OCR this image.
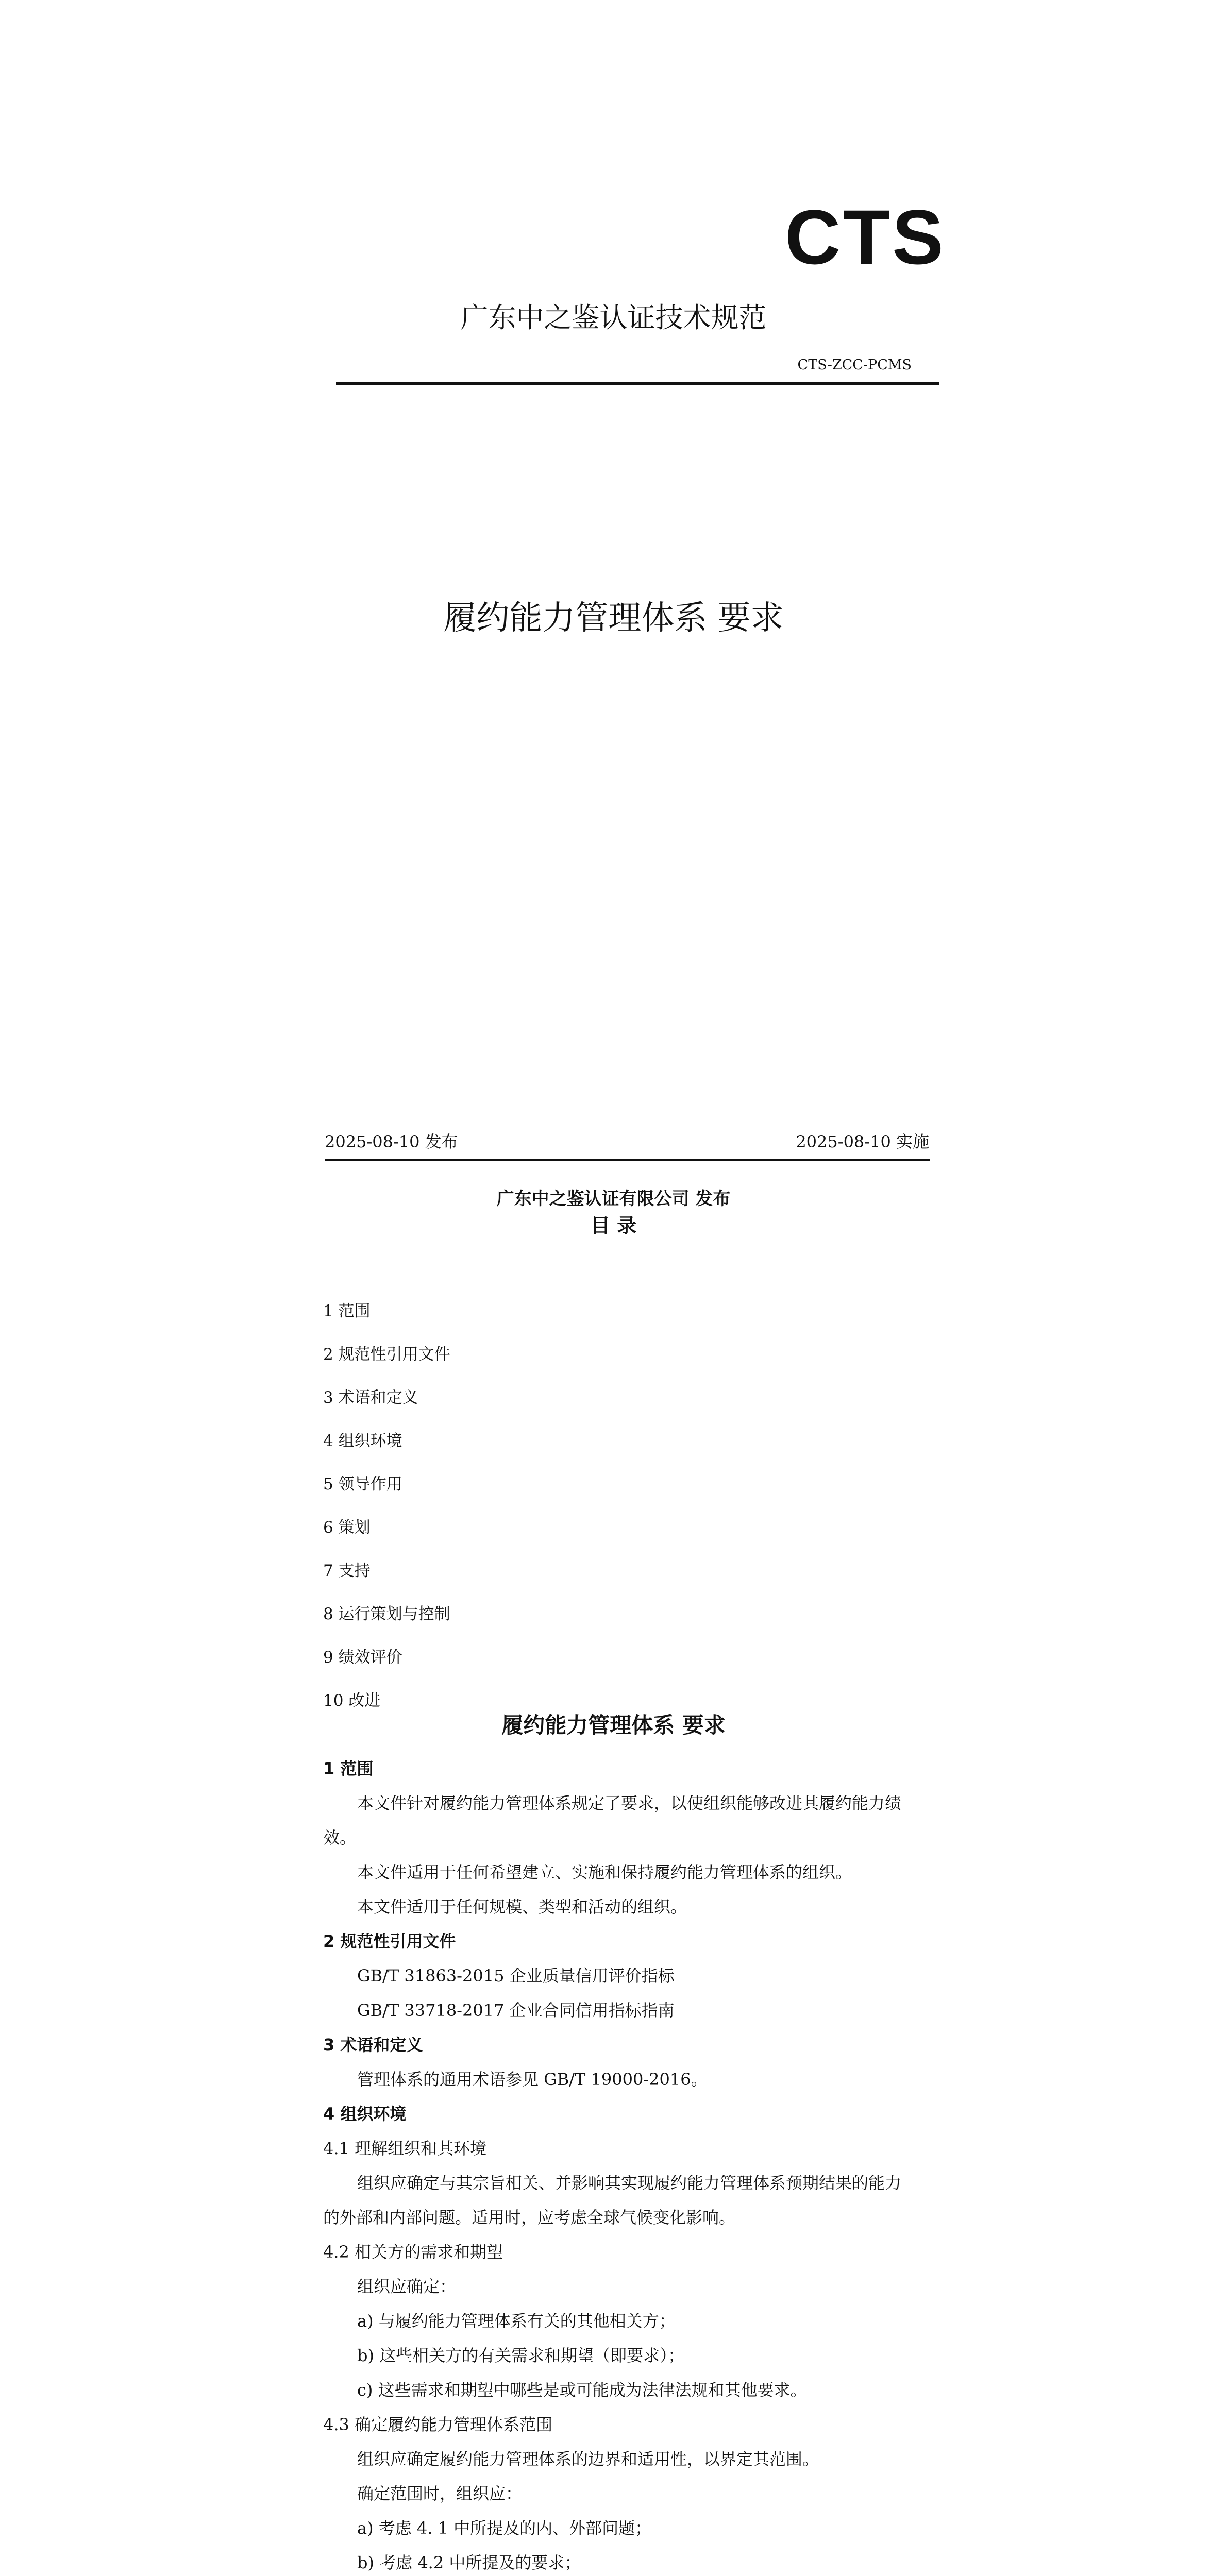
CTS
广东中之鉴认证技术规范
CTS-ZCC-PCMS
履约能力管理体系 要求
2025-08-10 发布	2025-08-10 实施
广东中之鉴认证有限公司 发布
目 录
1 范围
2 规范性引用文件
3 术语和定义
4 组织环境
5 领导作用
6 策划
7 支持
8 运行策划与控制
9 绩效评价
10 改进
履约能力管理体系 要求
1 范围
本文件针对履约能力管理体系规定了要求，以使组织能够改进其履约能力绩
效。
本文件适用于任何希望建立、实施和保持履约能力管理体系的组织。
本文件适用于任何规模、类型和活动的组织。
2 规范性引用文件
GB/T 31863-2015 企业质量信用评价指标
GB/T 33718-2017 企业合同信用指标指南
3 术语和定义
管理体系的通用术语参见 GB/T 19000-2016。
4 组织环境
4.1 理解组织和其环境
组织应确定与其宗旨相关、并影响其实现履约能力管理体系预期结果的能力
的外部和内部问题。适用时，应考虑全球气候变化影响。
4.2 相关方的需求和期望
组织应确定：
a) 与履约能力管理体系有关的其他相关方；
b) 这些相关方的有关需求和期望（即要求）；
c) 这些需求和期望中哪些是或可能成为法律法规和其他要求。
4.3 确定履约能力管理体系范围
组织应确定履约能力管理体系的边界和适用性，以界定其范围。
确定范围时，组织应：
a) 考虑 4. 1 中所提及的内、外部问题；
b) 考虑 4.2 中所提及的要求；
